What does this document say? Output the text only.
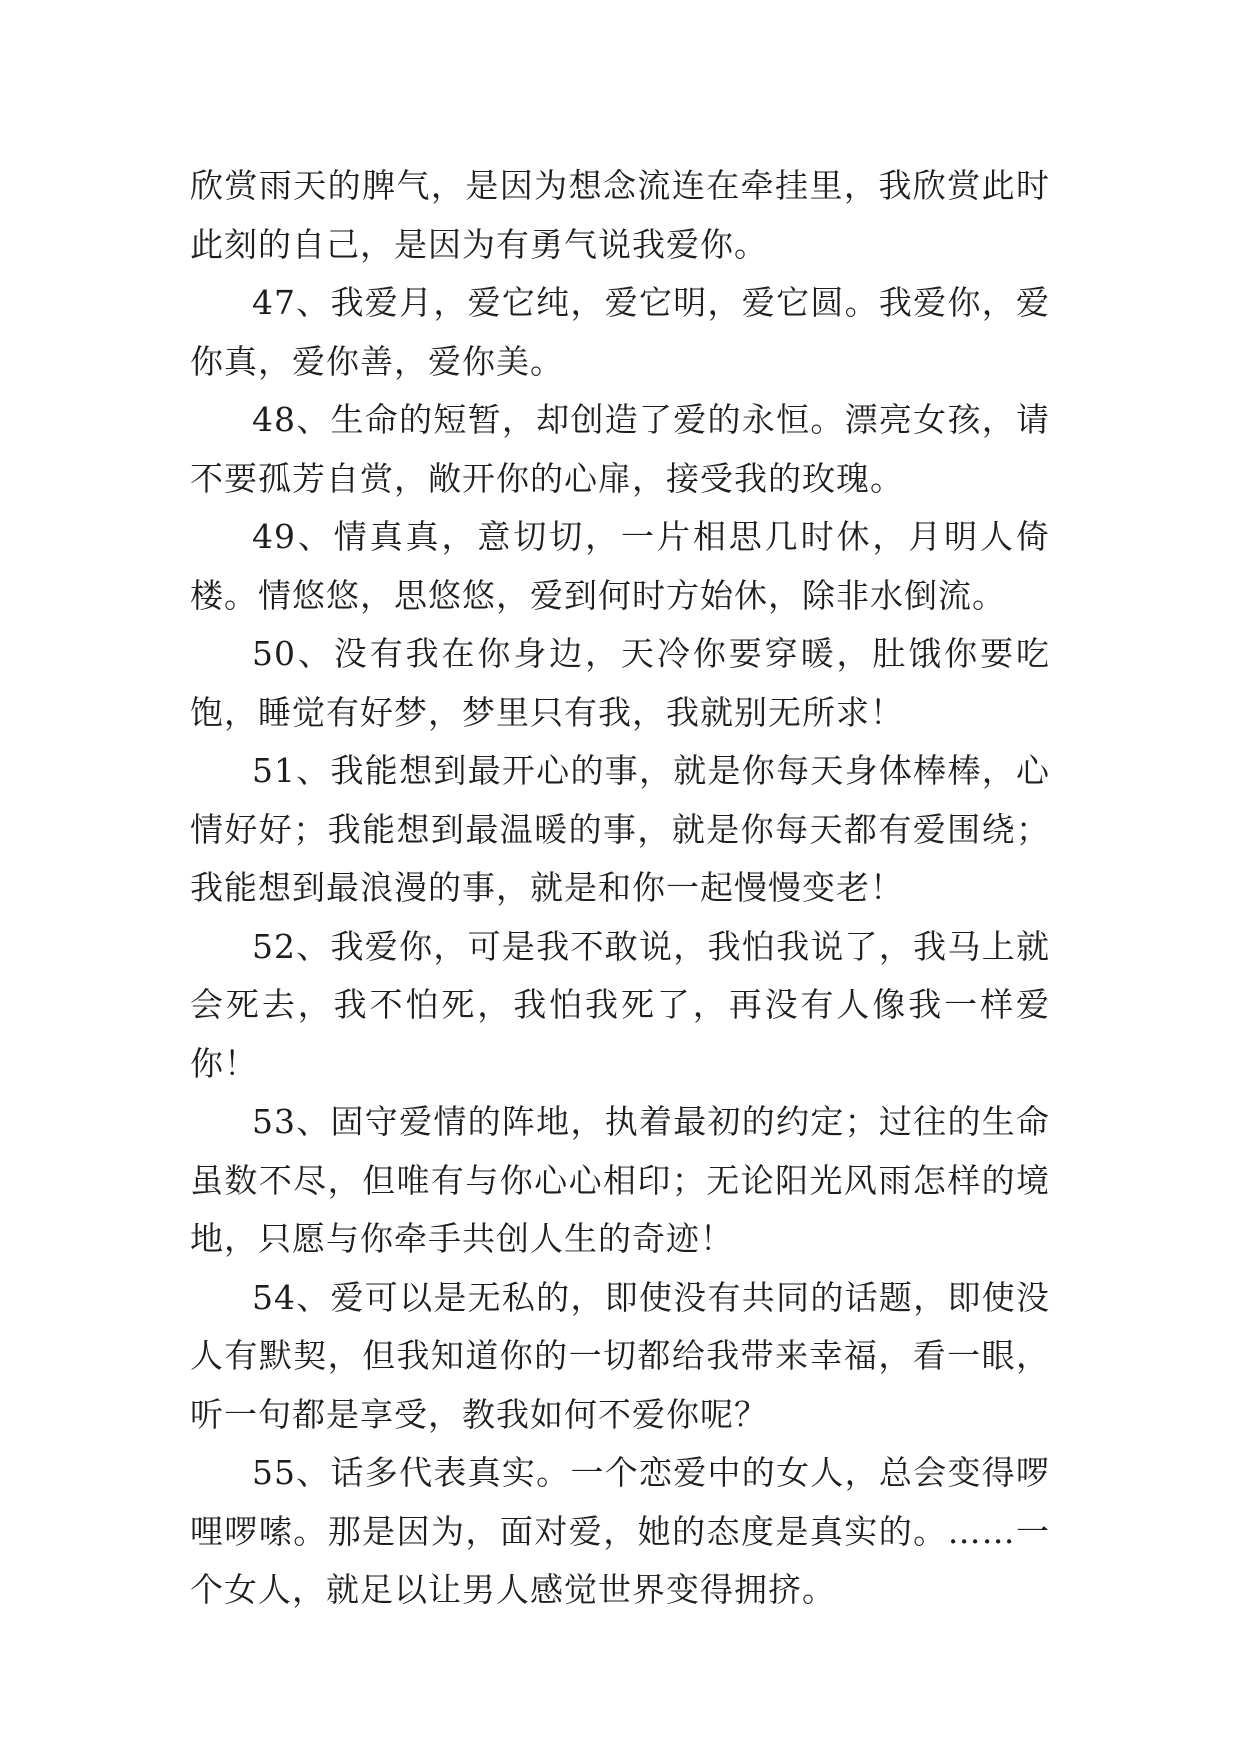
欣赏雨天的脾气，是因为想念流连在牵挂里，我欣赏此时此刻的自己，是因为有勇气说我爱你。

47、我爱月，爱它纯，爱它明，爱它圆。我爱你，爱你真，爱你善，爱你美。

48、生命的短暂，却创造了爱的永恒。漂亮女孩，请不要孤芳自赏，敞开你的心扉，接受我的玫瑰。

49、情真真，意切切，一片相思几时休，月明人倚楼。情悠悠，思悠悠，爱到何时方始休，除非水倒流。

50、没有我在你身边，天冷你要穿暖，肚饿你要吃饱，睡觉有好梦，梦里只有我，我就别无所求！

51、我能想到最开心的事，就是你每天身体棒棒，心情好好；我能想到最温暖的事，就是你每天都有爱围绕；我能想到最浪漫的事，就是和你一起慢慢变老！

52、我爱你，可是我不敢说，我怕我说了，我马上就会死去，我不怕死，我怕我死了，再没有人像我一样爱你！

53、固守爱情的阵地，执着最初的约定；过往的生命虽数不尽，但唯有与你心心相印；无论阳光风雨怎样的境地，只愿与你牵手共创人生的奇迹！

54、爱可以是无私的，即使没有共同的话题，即使没人有默契，但我知道你的一切都给我带来幸福，看一眼，听一句都是享受，教我如何不爱你呢？

55、话多代表真实。一个恋爱中的女人，总会变得啰哩啰嗦。那是因为，面对爱，她的态度是真实的。……一个女人，就足以让男人感觉世界变得拥挤。
